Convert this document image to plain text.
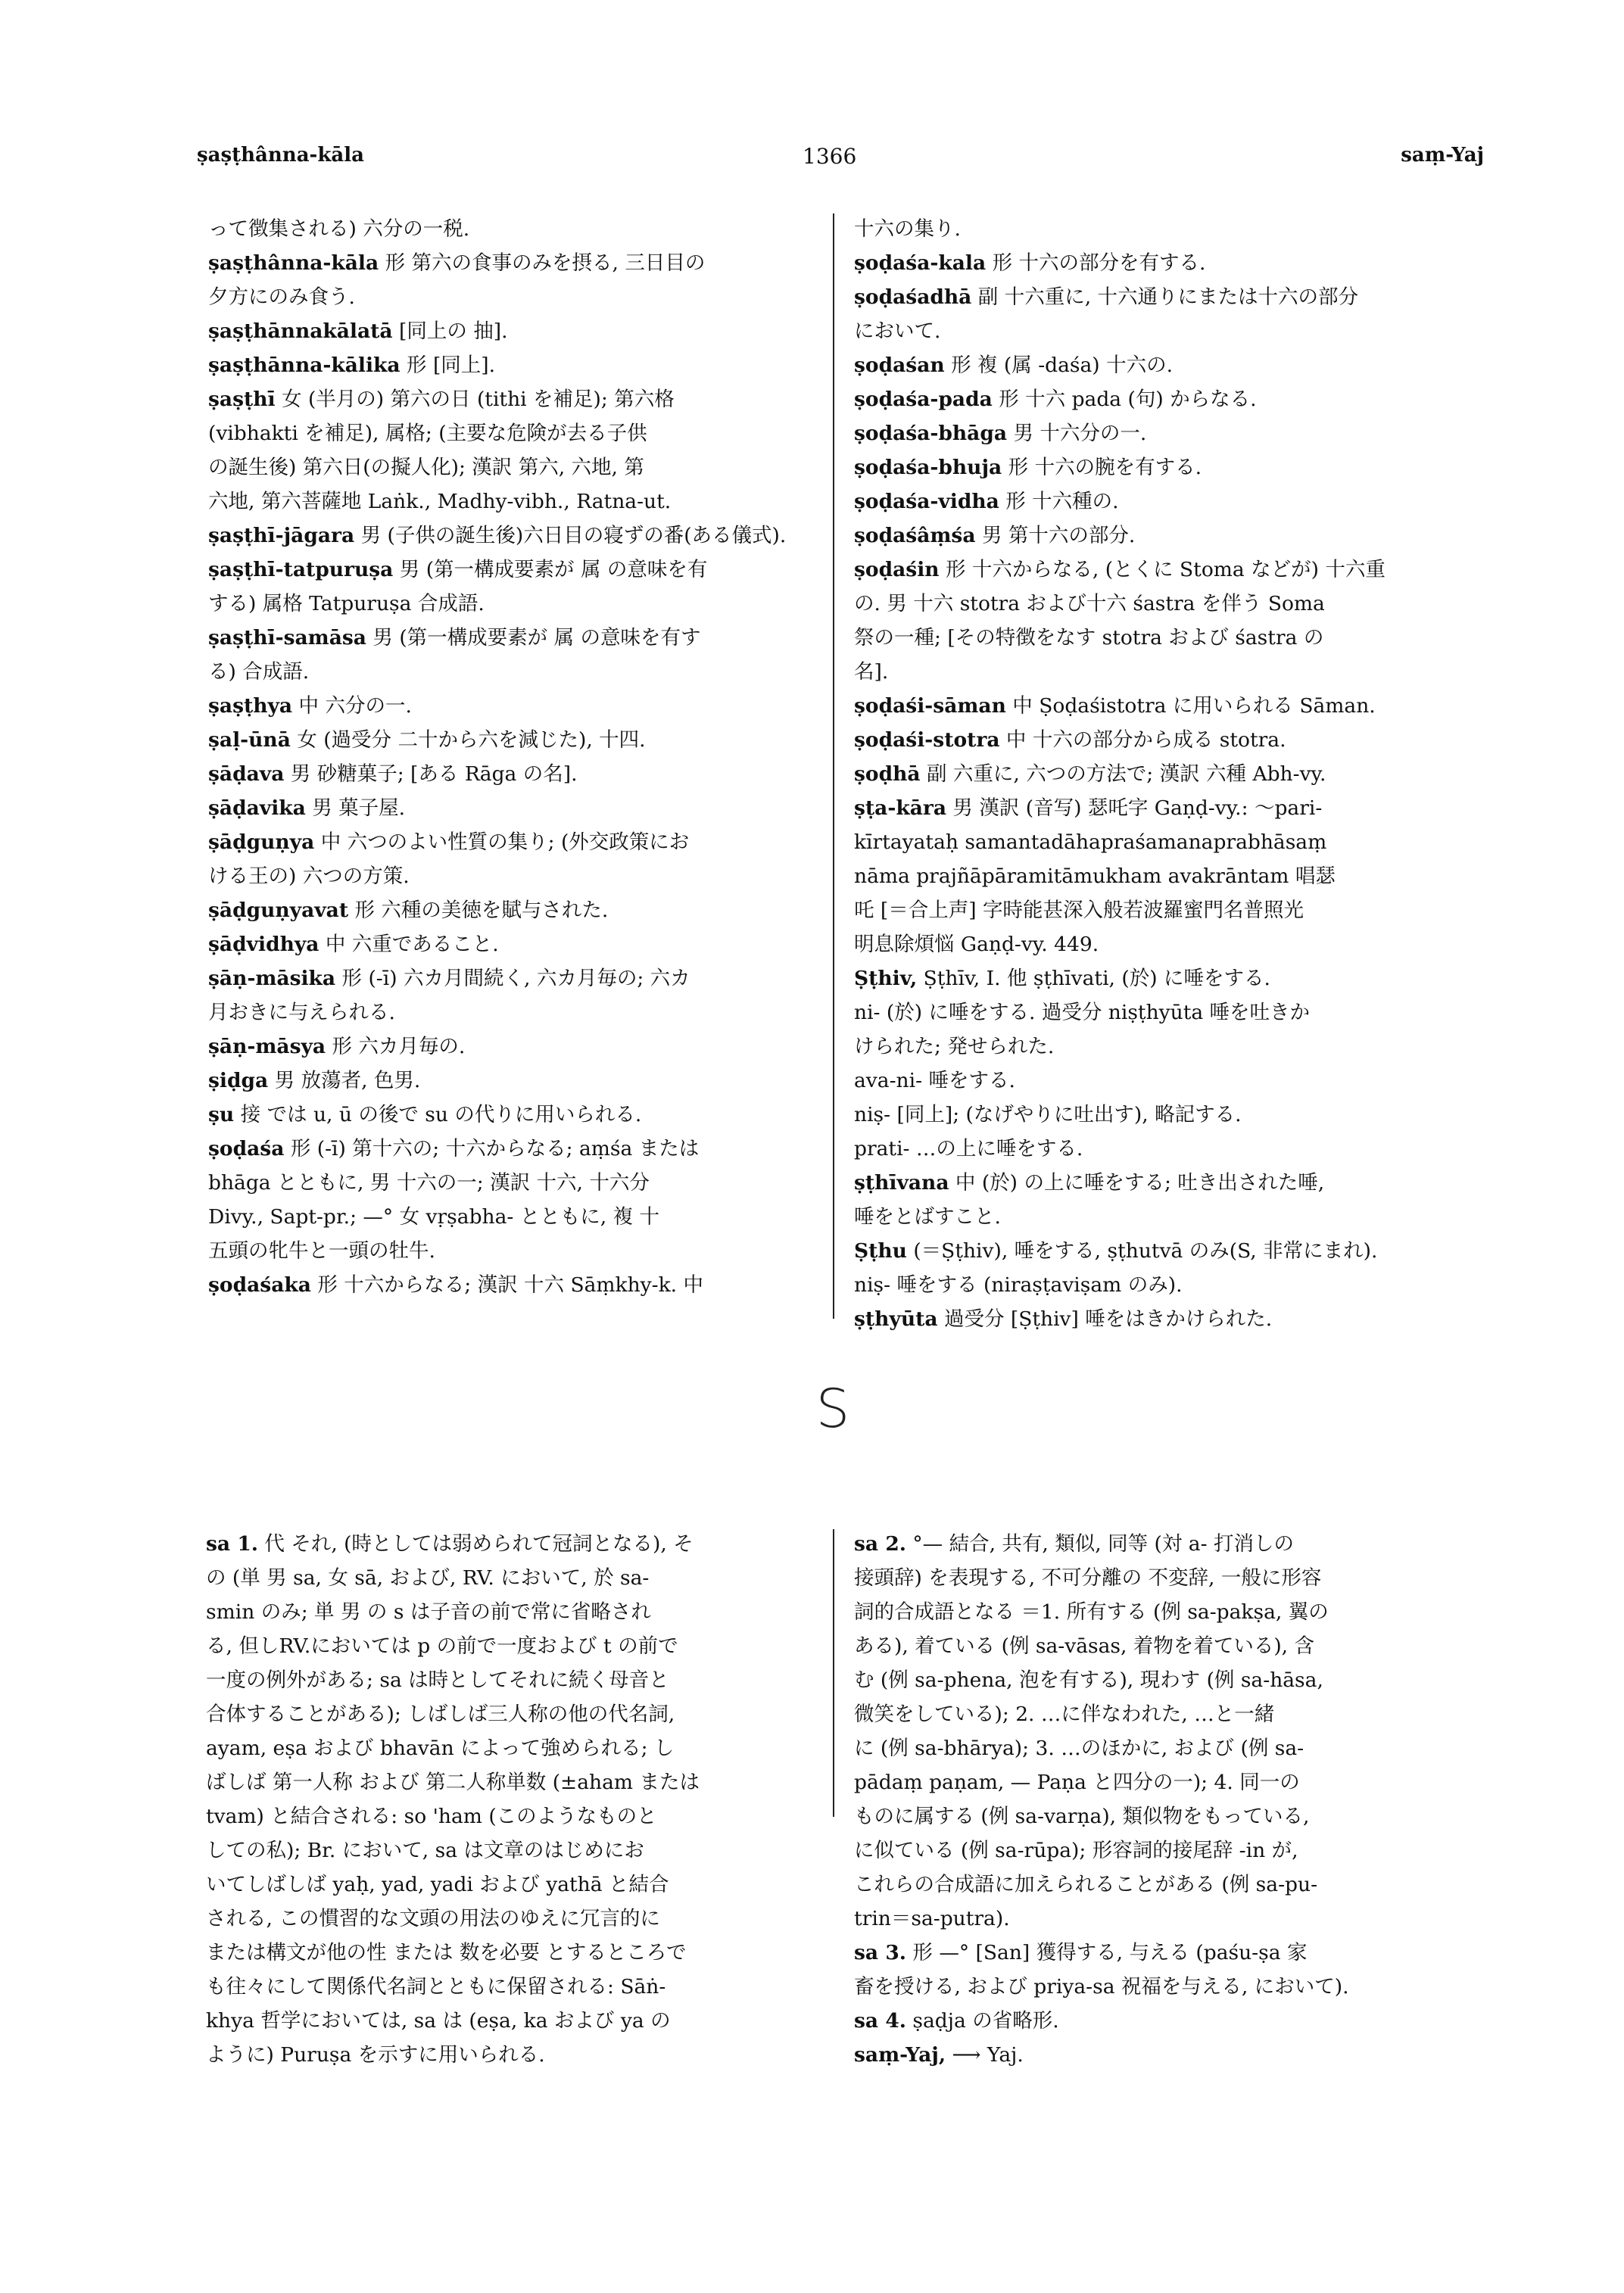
ṣaṣṭhânna-kāla	1366	saṃ-Yaj

って徴集される) 六分の一税.

ṣaṣṭhânna-kāla 形 第六の食事のみを摂る, 三日目の

夕方にのみ食う.

ṣaṣṭhānnakālatā [同上の 抽].

ṣaṣṭhānna-kālika 形 [同上].

ṣaṣṭhī 女 (半月の) 第六の日 (tithi を補足); 第六格

(vibhakti を補足), 属格; (主要な危険が去る子供

の誕生後) 第六日(の擬人化); 漢訳 第六, 六地, 第

六地, 第六菩薩地 Laṅk., Madhy-vibh., Ratna-ut.

ṣaṣṭhī-jāgara 男 (子供の誕生後)六日目の寝ずの番(ある儀式).

ṣaṣṭhī-tatpuruṣa 男 (第一構成要素が 属 の意味を有

する) 属格 Tatpuruṣa 合成語.

ṣaṣṭhī-samāsa 男 (第一構成要素が 属 の意味を有す

る) 合成語.

ṣaṣṭhya 中 六分の一.

ṣaḷ-ūnā 女 (過受分 二十から六を減じた), 十四.

ṣāḍava 男 砂糖菓子; [ある Rāga の名].

ṣāḍavika 男 菓子屋.

ṣāḍguṇya 中 六つのよい性質の集り; (外交政策にお

ける王の) 六つの方策.

ṣāḍguṇyavat 形 六種の美徳を賦与された.

ṣāḍvidhya 中 六重であること.

ṣāṇ-māsika 形 (-ī) 六カ月間続く, 六カ月毎の; 六カ

月おきに与えられる.

ṣāṇ-māsya 形 六カ月毎の.

ṣiḍga 男 放蕩者, 色男.

ṣu 接 では u, ū の後で su の代りに用いられる.

ṣoḍaśa 形 (-ī) 第十六の; 十六からなる; aṃśa または

bhāga とともに, 男 十六の一; 漢訳 十六, 十六分

Divy., Sapt-pr.; —° 女 vṛṣabha- とともに, 複 十

五頭の牝牛と一頭の牡牛.

ṣoḍaśaka 形 十六からなる; 漢訳 十六 Sāṃkhy-k. 中

十六の集り.

ṣoḍaśa-kala 形 十六の部分を有する.

ṣoḍaśadhā 副 十六重に, 十六通りにまたは十六の部分

において.

ṣoḍaśan 形 複 (属 -daśa) 十六の.

ṣoḍaśa-pada 形 十六 pada (句) からなる.

ṣoḍaśa-bhāga 男 十六分の一.

ṣoḍaśa-bhuja 形 十六の腕を有する.

ṣoḍaśa-vidha 形 十六種の.

ṣoḍaśâṃśa 男 第十六の部分.

ṣoḍaśin 形 十六からなる, (とくに Stoma などが) 十六重

の. 男 十六 stotra および十六 śastra を伴う Soma

祭の一種; [その特徴をなす stotra および śastra の

名].

ṣoḍaśi-sāman 中 Ṣoḍaśistotra に用いられる Sāman.

ṣoḍaśi-stotra 中 十六の部分から成る stotra.

ṣoḍhā 副 六重に, 六つの方法で; 漢訳 六種 Abh-vy.

ṣṭa-kāra 男 漢訳 (音写) 瑟吒字 Gaṇḍ-vy.: ～pari-

kīrtayataḥ samantadāhapraśamanaprabhāsaṃ

nāma prajñāpāramitāmukham avakrāntam 唱瑟

吒 [＝合上声] 字時能甚深入般若波羅蜜門名普照光

明息除煩悩 Gaṇḍ-vy. 449.

Ṣṭhiv, Ṣṭhīv, I. 他 ṣṭhīvati, (於) に唾をする.

ni- (於) に唾をする. 過受分 niṣṭhyūta 唾を吐きか

けられた; 発せられた.

ava-ni- 唾をする.

niṣ- [同上]; (なげやりに吐出す), 略記する.

prati- …の上に唾をする.

ṣṭhīvana 中 (於) の上に唾をする; 吐き出された唾,

唾をとばすこと.

Ṣṭhu (＝Ṣṭhiv), 唾をする, ṣṭhutvā のみ(S, 非常にまれ).

niṣ- 唾をする (niraṣṭaviṣam のみ).

ṣṭhyūta 過受分 [Ṣṭhiv] 唾をはきかけられた.

S

sa 1. 代 それ, (時としては弱められて冠詞となる), そ

の (単 男 sa, 女 sā, および, RV. において, 於 sa-

smin のみ; 単 男 の s は子音の前で常に省略され

る, 但しRV.においては p の前で一度および t の前で

一度の例外がある; sa は時としてそれに続く母音と

合体することがある); しばしば三人称の他の代名詞,

ayam, eṣa および bhavān によって強められる; し

ばしば 第一人称 および 第二人称単数 (±aham または

tvam) と結合される: so 'ham (このようなものと

しての私); Br. において, sa は文章のはじめにお

いてしばしば yaḥ, yad, yadi および yathā と結合

される, この慣習的な文頭の用法のゆえに冗言的に

または構文が他の性 または 数を必要 とするところで

も往々にして関係代名詞とともに保留される: Sāṅ-

khya 哲学においては, sa は (eṣa, ka および ya の

ように) Puruṣa を示すに用いられる.

sa 2. °— 結合, 共有, 類似, 同等 (対 a- 打消しの

接頭辞) を表現する, 不可分離の 不変辞, 一般に形容

詞的合成語となる ＝1. 所有する (例 sa-pakṣa, 翼の

ある), 着ている (例 sa-vāsas, 着物を着ている), 含

む (例 sa-phena, 泡を有する), 現わす (例 sa-hāsa,

微笑をしている); 2. …に伴なわれた, …と一緒

に (例 sa-bhārya); 3. …のほかに, および (例 sa-

pādaṃ paṇam, — Paṇa と四分の一); 4. 同一の

ものに属する (例 sa-varṇa), 類似物をもっている,

に似ている (例 sa-rūpa); 形容詞的接尾辞 -in が,

これらの合成語に加えられることがある (例 sa-pu-

trin＝sa-putra).

sa 3. 形 —° [San] 獲得する, 与える (paśu-ṣa 家

畜を授ける, および priya-sa 祝福を与える, において).

sa 4. ṣaḍja の省略形.

saṃ-Yaj, ⟶ Yaj.
